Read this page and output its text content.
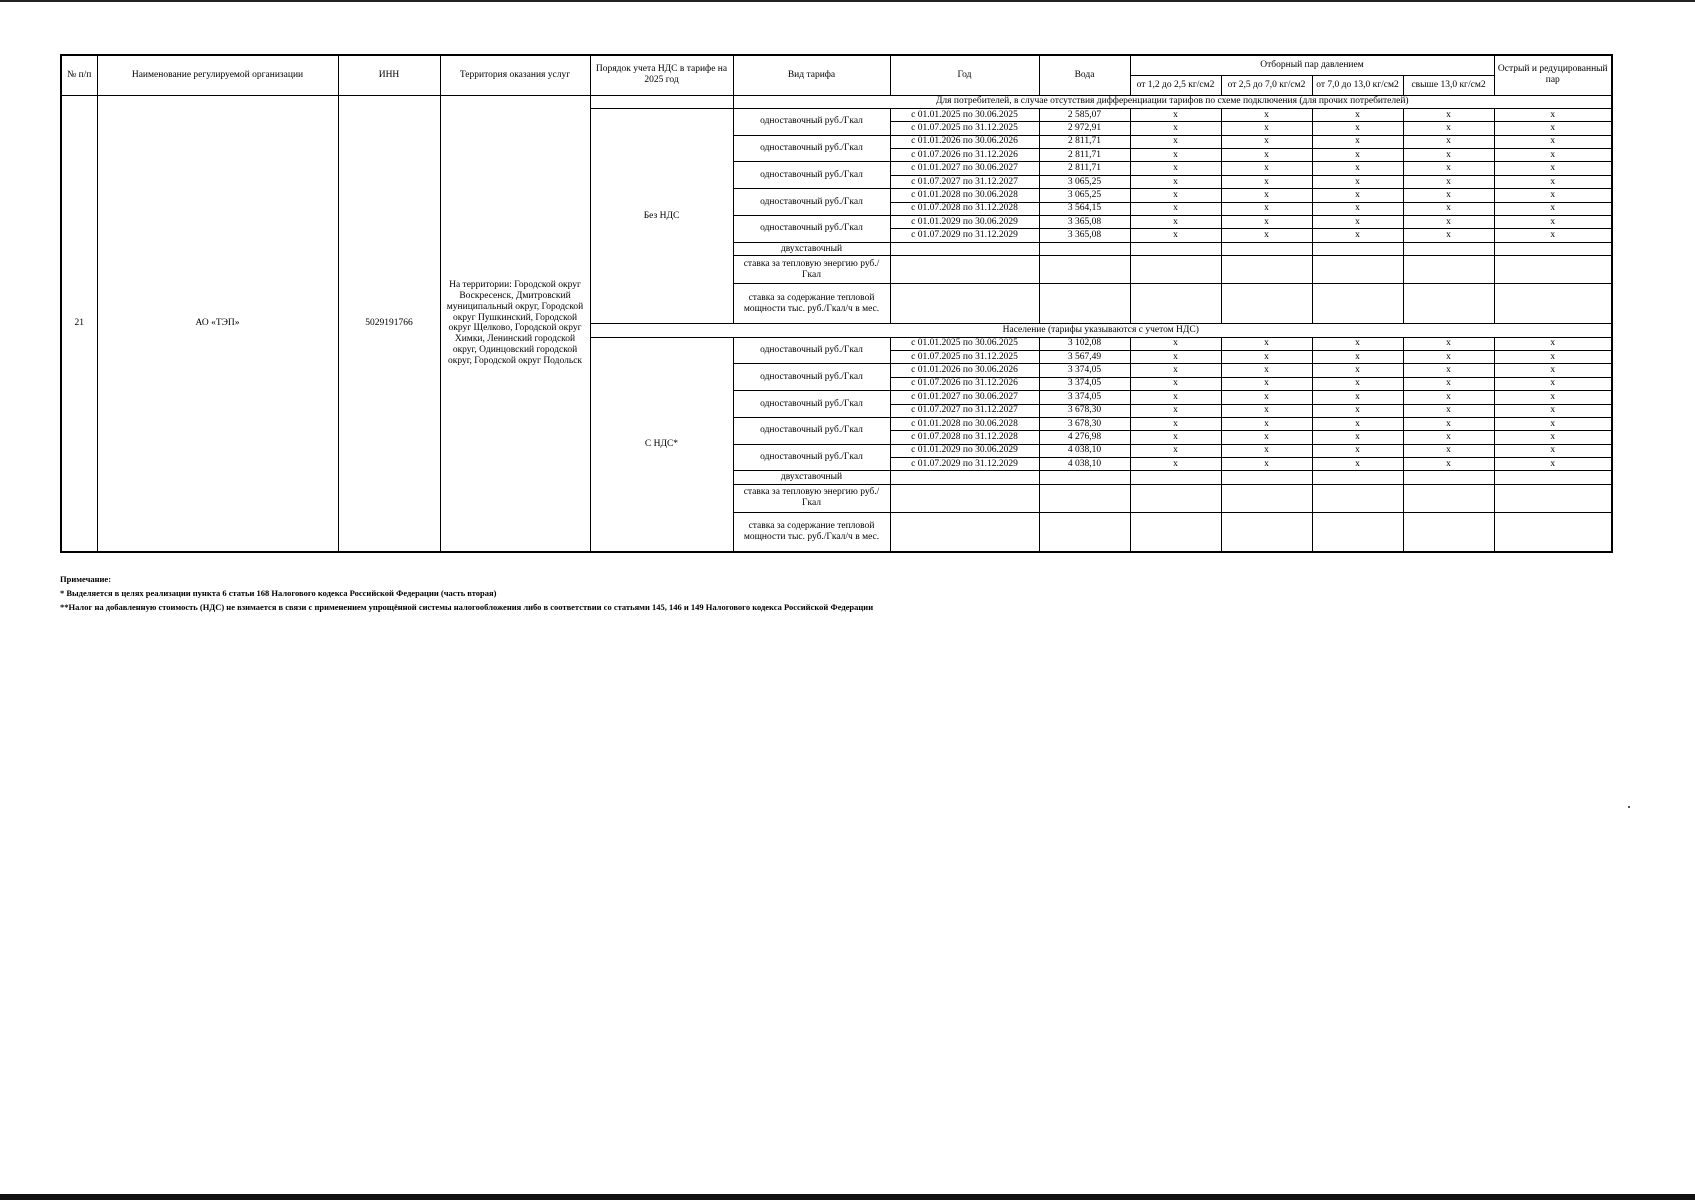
№ п/п	Наименование регулируемой организации	ИНН	Территория оказания услуг	Порядок учета НДС в тарифе на 2025 год	Вид тарифа	Год	Вода	Отборный пар давлением				Острый и редуцированный пар
								от 1,2 до 2,5 кг/см2	от 2,5 до 7,0 кг/см2	от 7,0 до 13,0 кг/см2	свыше 13,0 кг/см2	
21	АО «ТЭП»	5029191766	На территории: Городской округ Воскресенск, Дмитровский муниципальный округ, Городской округ Пушкинский, Городской округ Щелково, Городской округ Химки, Ленинский городской округ, Одинцовский городской округ, Городской округ Подольск		Для потребителей, в случае отсутствия дифференциации тарифов по схеме подключения (для прочих потребителей)							
				Без НДС	одноставочный руб./Гкал	с 01.01.2025 по 30.06.2025	2 585,07	x	x	x	x	x
						с 01.07.2025 по 31.12.2025	2 972,91	x	x	x	x	x
					одноставочный руб./Гкал	с 01.01.2026 по 30.06.2026	2 811,71	x	x	x	x	x
						с 01.07.2026 по 31.12.2026	2 811,71	x	x	x	x	x
					одноставочный руб./Гкал	с 01.01.2027 по 30.06.2027	2 811,71	x	x	x	x	x
						с 01.07.2027 по 31.12.2027	3 065,25	x	x	x	x	x
					одноставочный руб./Гкал	с 01.01.2028 по 30.06.2028	3 065,25	x	x	x	x	x
						с 01.07.2028 по 31.12.2028	3 564,15	x	x	x	x	x
					одноставочный руб./Гкал	с 01.01.2029 по 30.06.2029	3 365,08	x	x	x	x	x
						с 01.07.2029 по 31.12.2029	3 365,08	x	x	x	x	x
					двухставочный							
					ставка за тепловую энергию руб./Гкал							
					ставка за содержание тепловой мощности тыс. руб./Гкал/ч в мес.							
				Население (тарифы указываются с учетом НДС)								
				С НДС*	одноставочный руб./Гкал	с 01.01.2025 по 30.06.2025	3 102,08	x	x	x	x	x
						с 01.07.2025 по 31.12.2025	3 567,49	x	x	x	x	x
					одноставочный руб./Гкал	с 01.01.2026 по 30.06.2026	3 374,05	x	x	x	x	x
						с 01.07.2026 по 31.12.2026	3 374,05	x	x	x	x	x
					одноставочный руб./Гкал	с 01.01.2027 по 30.06.2027	3 374,05	x	x	x	x	x
						с 01.07.2027 по 31.12.2027	3 678,30	x	x	x	x	x
					одноставочный руб./Гкал	с 01.01.2028 по 30.06.2028	3 678,30	x	x	x	x	x
						с 01.07.2028 по 31.12.2028	4 276,98	x	x	x	x	x
					одноставочный руб./Гкал	с 01.01.2029 по 30.06.2029	4 038,10	x	x	x	x	x
						с 01.07.2029 по 31.12.2029	4 038,10	x	x	x	x	x
					двухставочный							
					ставка за тепловую энергию руб./Гкал							
					ставка за содержание тепловой мощности тыс. руб./Гкал/ч в мес.							
Примечание:
* Выделяется в целях реализации пункта 6 статьи 168 Налогового кодекса Российской Федерации (часть вторая)
**Налог на добавленную стоимость (НДС) не взимается в связи с применением упрощённой системы налогообложения либо в соответствии со статьями 145, 146 и 149 Налогового кодекса Российской Федерации
